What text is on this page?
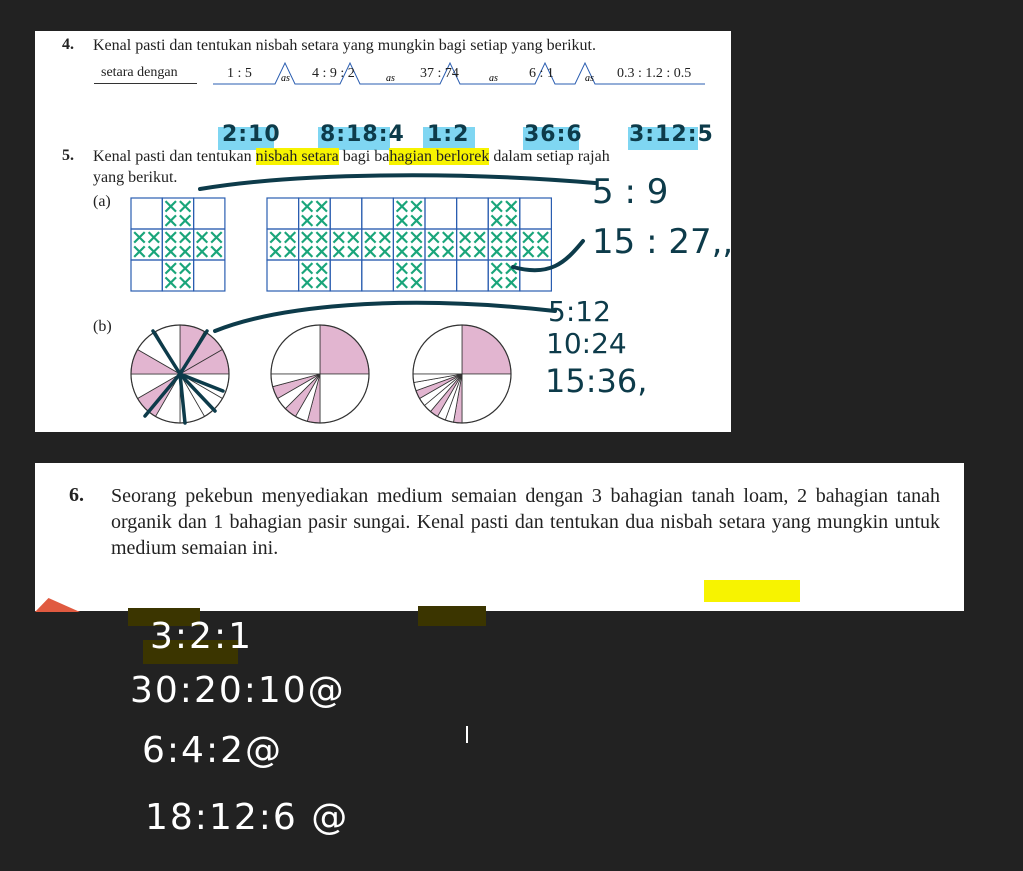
4. Kenal pasti dan tentukan nisbah setara yang mungkin bagi setiap yang berikut.
setara dengan	1 : 5	4 : 9 : 2	37 : 74	6 : 1	0.3 : 1.2 : 0.5
as	as	as	as
2:10 8:18:4 1:2 36:6 3:12:5
5. Kenal pasti dan tentukan nisbah setara bagi bahagian berlorek dalam setiap rajah
yang berikut.
(a)
(b)
5 : 9
15 : 27,,
5:12
10:24
15:36,
6. Seorang pekebun menyediakan medium semaian dengan 3 bahagian tanah loam, 2 bahagian tanah organik dan 1 bahagian pasir sungai. Kenal pasti dan tentukan dua nisbah setara yang mungkin untuk medium semaian ini.
3:2:1
30:20:10@
6:4:2@
18:12:6 @
